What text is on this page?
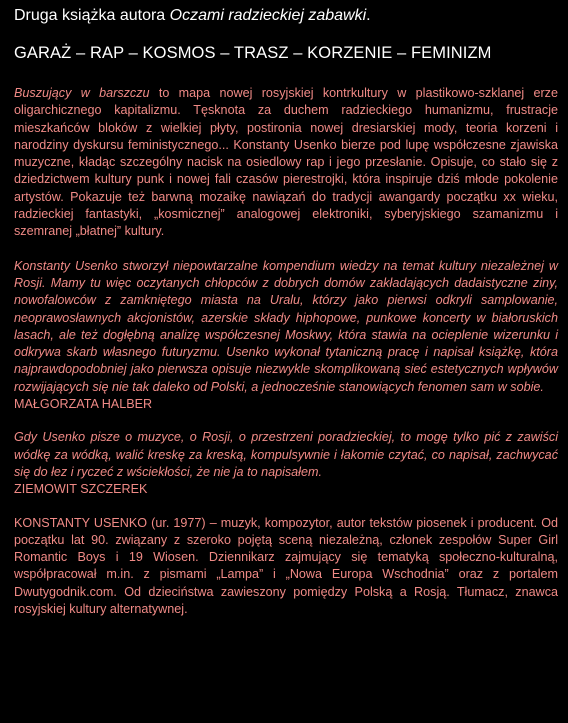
Druga książka autora Oczami radzieckiej zabawki.
GARAŻ – RAP – KOSMOS – TRASZ – KORZENIE – FEMINIZM

Buszujący w barszczu to mapa nowej rosyjskiej kontrkultury w plastikowo-szklanej erze oligarchicznego kapitalizmu. Tęsknota za duchem radzieckiego humanizmu, frustracje mieszkańców bloków z wielkiej płyty, postironia nowej dresiarskiej mody, teoria korzeni i narodziny dyskursu feministycznego... Konstanty Usenko bierze pod lupę współczesne zjawiska muzyczne, kładąc szczególny nacisk na osiedlowy rap i jego przesłanie. Opisuje, co stało się z dziedzictwem kultury punk i nowej fali czasów pierestrojki, która inspiruje dziś młode pokolenie artystów. Pokazuje też barwną mozaikę nawiązań do tradycji awangardy początku xx wieku, radzieckiej fantastyki, „kosmicznej” analogowej elektroniki, syberyjskiego szamanizmu i szemranej „błatnej” kultury.

Konstanty Usenko stworzył niepowtarzalne kompendium wiedzy na temat kultury niezależnej w Rosji. Mamy tu więc oczytanych chłopców z dobrych domów zakładających dadaistyczne ziny, nowofalowców z zamkniętego miasta na Uralu, którzy jako pierwsi odkryli samplowanie, neoprawosławnych akcjonistów, azerskie składy hiphopowe, punkowe koncerty w białoruskich lasach, ale też dogłębną analizę współczesnej Moskwy, która stawia na ocieplenie wizerunku i odkrywa skarb własnego futuryzmu. Usenko wykonał tytaniczną pracę i napisał książkę, która najprawdopodobniej jako pierwsza opisuje niezwykle skomplikowaną sieć estetycznych wpływów rozwijających się nie tak daleko od Polski, a jednocześnie stanowiących fenomen sam w sobie.
MAŁGORZATA HALBER

Gdy Usenko pisze o muzyce, o Rosji, o przestrzeni poradzieckiej, to mogę tylko pić z zawiści wódkę za wódką, walić kreskę za kreską, kompulsywnie i łakomie czytać, co napisał, zachwycać się do łez i ryczeć z wściekłości, że nie ja to napisałem.
ZIEMOWIT SZCZEREK

KONSTANTY USENKO (ur. 1977) – muzyk, kompozytor, autor tekstów piosenek i producent. Od początku lat 90. związany z szeroko pojętą sceną niezależną, członek zespołów Super Girl Romantic Boys i 19 Wiosen. Dziennikarz zajmujący się tematyką społeczno-kulturalną, współpracował m.in. z pismami „Lampa” i „Nowa Europa Wschodnia” oraz z portalem Dwutygodnik.com. Od dzieciństwa zawieszony pomiędzy Polską a Rosją. Tłumacz, znawca rosyjskiej kultury alternatywnej.
